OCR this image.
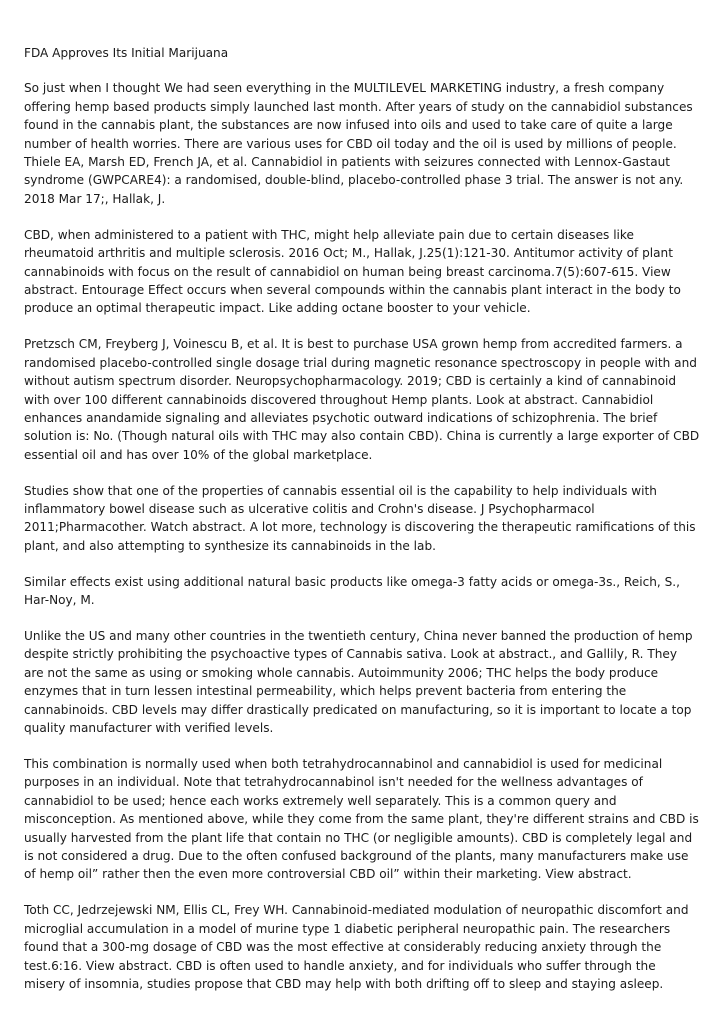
FDA Approves Its Initial Marijuana

So just when I thought We had seen everything in the MULTILEVEL MARKETING industry, a fresh company offering hemp based products simply launched last month. After years of study on the cannabidiol substances found in the cannabis plant, the substances are now infused into oils and used to take care of quite a large number of health worries. There are various uses for CBD oil today and the oil is used by millions of people. Thiele EA, Marsh ED, French JA, et al. Cannabidiol in patients with seizures connected with Lennox-Gastaut syndrome (GWPCARE4): a randomised, double-blind, placebo-controlled phase 3 trial. The answer is not any. 2018 Mar 17;, Hallak, J.

CBD, when administered to a patient with THC, might help alleviate pain due to certain diseases like rheumatoid arthritis and multiple sclerosis. 2016 Oct; M., Hallak, J.25(1):121-30. Antitumor activity of plant cannabinoids with focus on the result of cannabidiol on human being breast carcinoma.7(5):607-615. View abstract. Entourage Effect occurs when several compounds within the cannabis plant interact in the body to produce an optimal therapeutic impact. Like adding octane booster to your vehicle.

Pretzsch CM, Freyberg J, Voinescu B, et al. It is best to purchase USA grown hemp from accredited farmers. a randomised placebo-controlled single dosage trial during magnetic resonance spectroscopy in people with and without autism spectrum disorder. Neuropsychopharmacology. 2019; CBD is certainly a kind of cannabinoid with over 100 different cannabinoids discovered throughout Hemp plants. Look at abstract. Cannabidiol enhances anandamide signaling and alleviates psychotic outward indications of schizophrenia. The brief solution is: No. (Though natural oils with THC may also contain CBD). China is currently a large exporter of CBD essential oil and has over 10% of the global marketplace.

Studies show that one of the properties of cannabis essential oil is the capability to help individuals with inflammatory bowel disease such as ulcerative colitis and Crohn's disease. J Psychopharmacol 2011;Pharmacother. Watch abstract. A lot more, technology is discovering the therapeutic ramifications of this plant, and also attempting to synthesize its cannabinoids in the lab.

Similar effects exist using additional natural basic products like omega-3 fatty acids or omega-3s., Reich, S., Har-Noy, M.

Unlike the US and many other countries in the twentieth century, China never banned the production of hemp despite strictly prohibiting the psychoactive types of Cannabis sativa. Look at abstract., and Gallily, R. They are not the same as using or smoking whole cannabis. Autoimmunity 2006; THC helps the body produce enzymes that in turn lessen intestinal permeability, which helps prevent bacteria from entering the cannabinoids. CBD levels may differ drastically predicated on manufacturing, so it is important to locate a top quality manufacturer with verified levels.

This combination is normally used when both tetrahydrocannabinol and cannabidiol is used for medicinal purposes in an individual. Note that tetrahydrocannabinol isn't needed for the wellness advantages of cannabidiol to be used; hence each works extremely well separately. This is a common query and misconception. As mentioned above, while they come from the same plant, they're different strains and CBD is usually harvested from the plant life that contain no THC (or negligible amounts). CBD is completely legal and is not considered a drug. Due to the often confused background of the plants, many manufacturers make use of hemp oil” rather then the even more controversial CBD oil” within their marketing. View abstract.

Toth CC, Jedrzejewski NM, Ellis CL, Frey WH. Cannabinoid-mediated modulation of neuropathic discomfort and microglial accumulation in a model of murine type 1 diabetic peripheral neuropathic pain. The researchers found that a 300-mg dosage of CBD was the most effective at considerably reducing anxiety through the test.6:16. View abstract. CBD is often used to handle anxiety, and for individuals who suffer through the misery of insomnia, studies propose that CBD may help with both drifting off to sleep and staying asleep.
